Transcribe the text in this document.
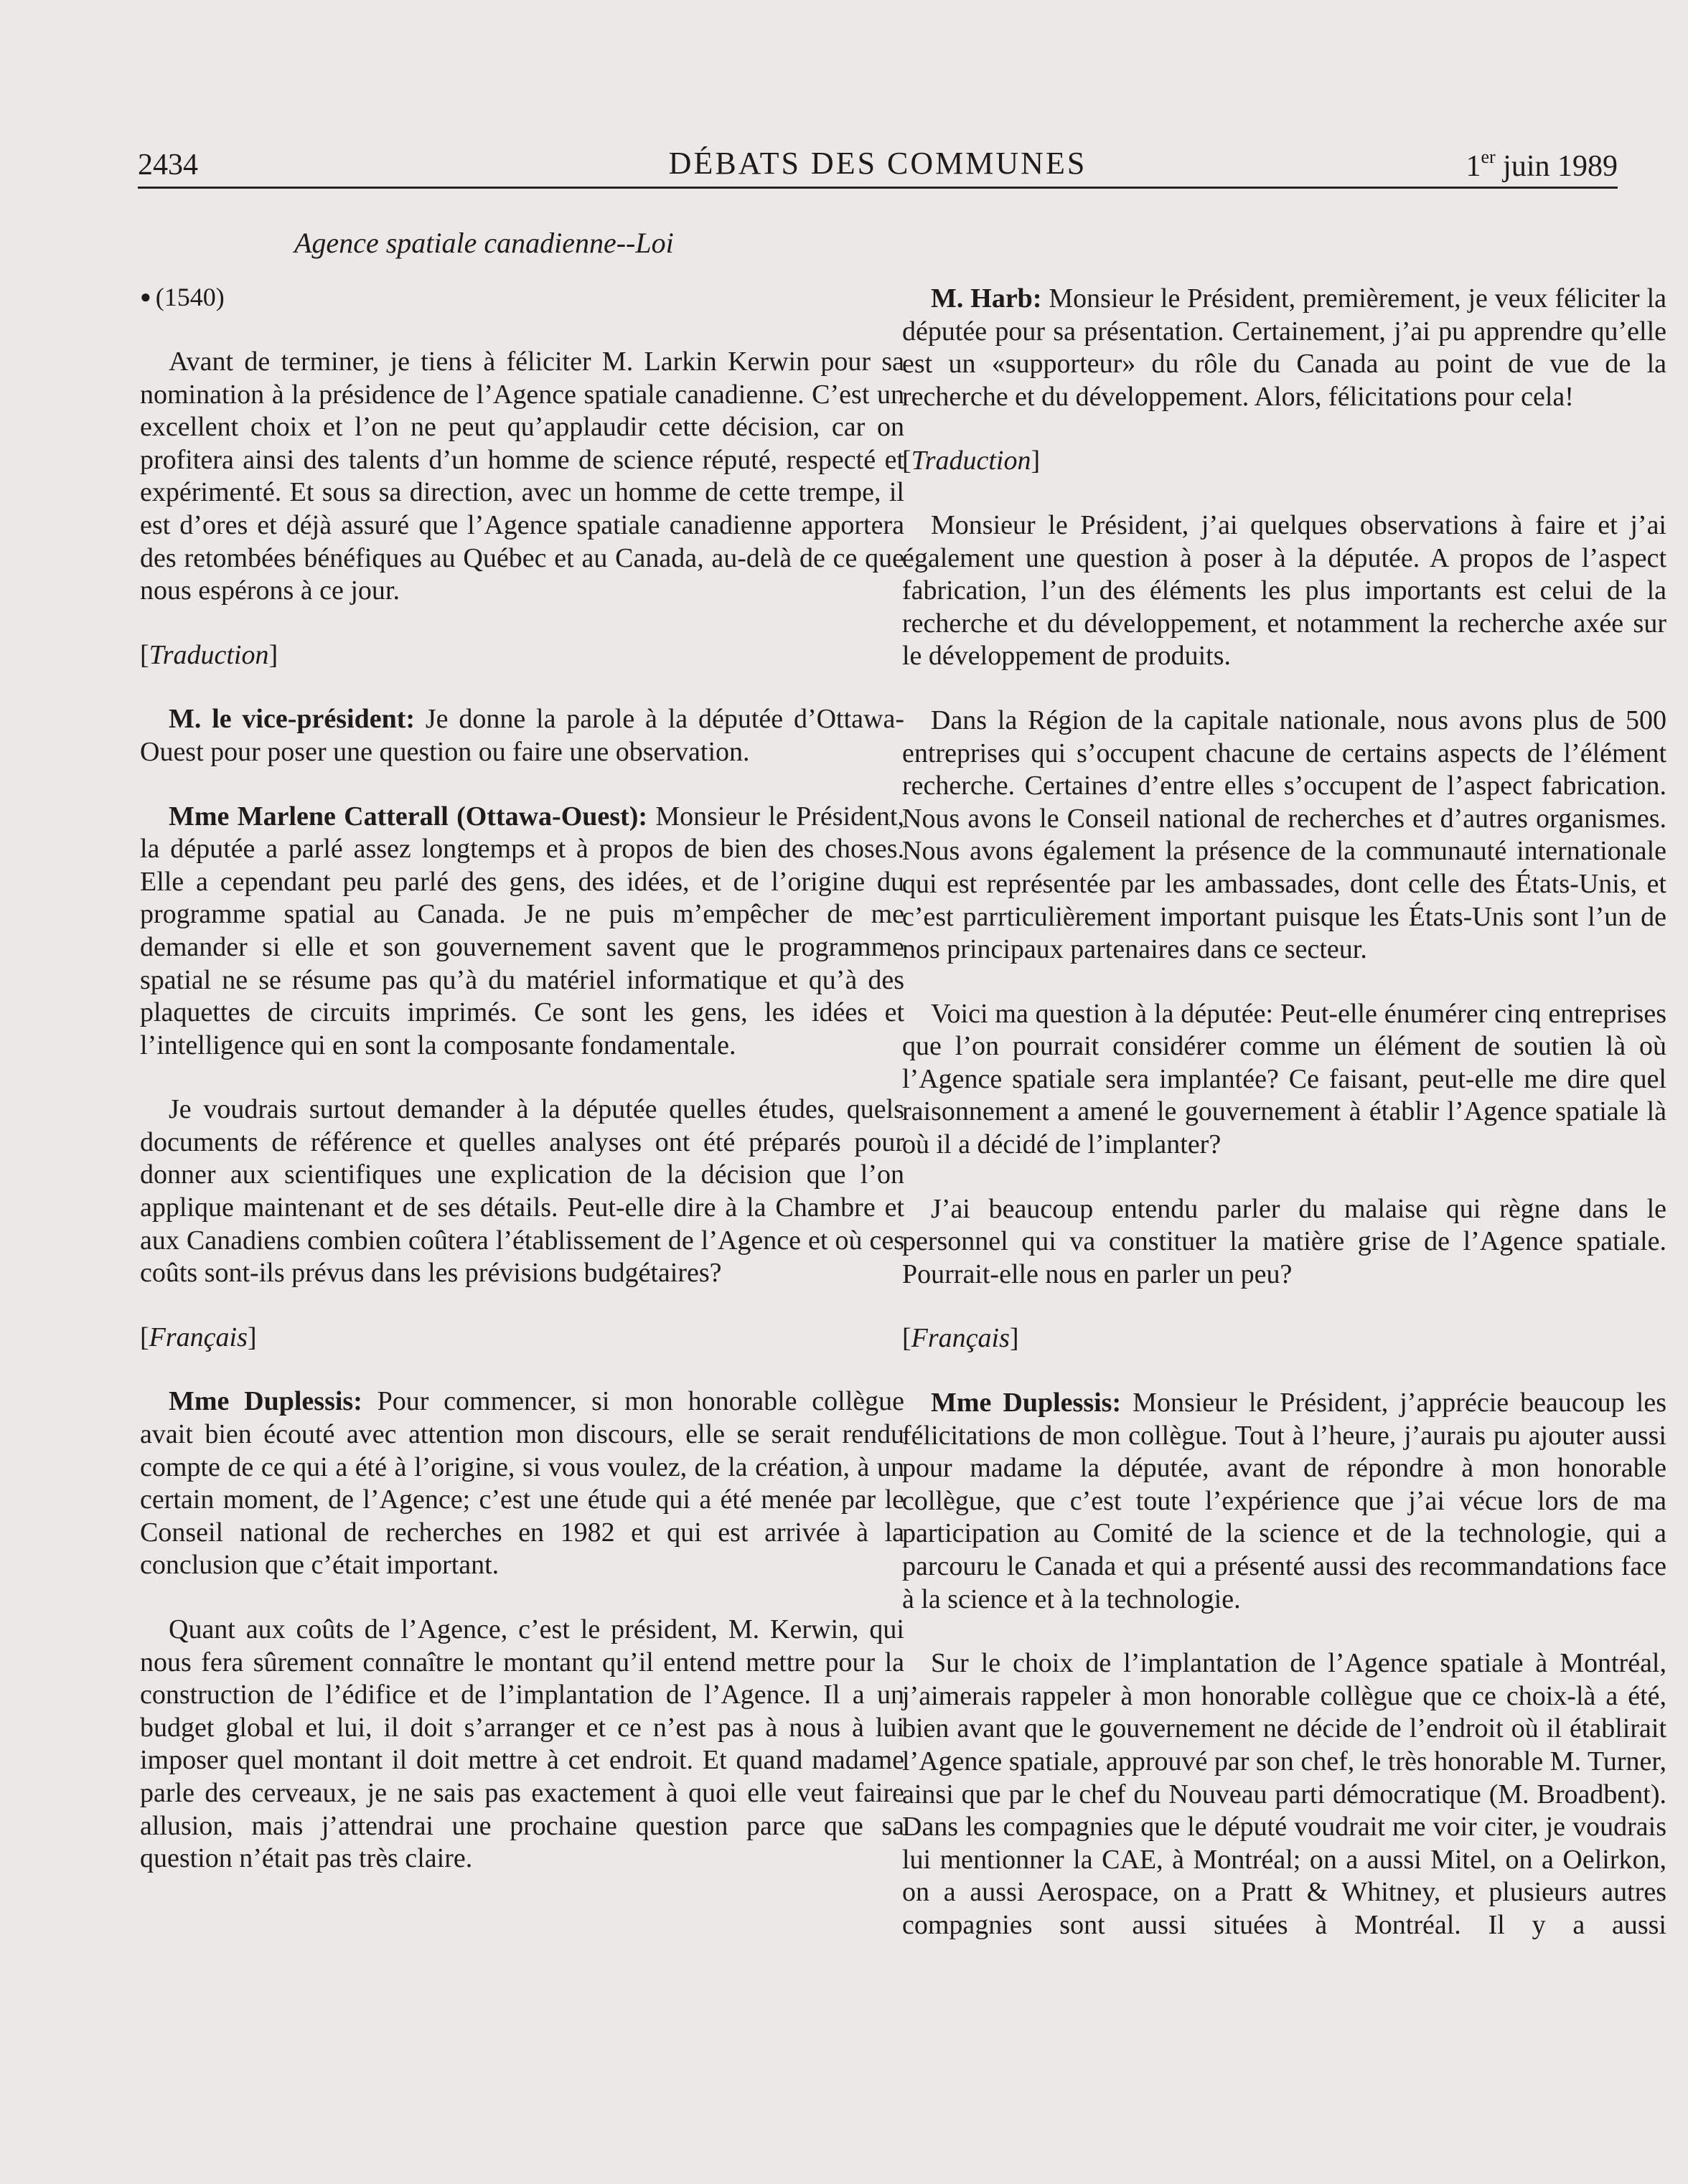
2434	DÉBATS DES COMMUNES	1er juin 1989
Agence spatiale canadienne--Loi
● (1540)

Avant de terminer, je tiens à féliciter M. Larkin Kerwin pour sa nomination à la présidence de l’Agence spatiale canadienne. C’est un excellent choix et l’on ne peut qu’applaudir cette décision, car on profitera ainsi des talents d’un homme de science réputé, respecté et expérimenté. Et sous sa direction, avec un homme de cette trempe, il est d’ores et déjà assuré que l’Agence spatiale canadienne apportera des retombées bénéfiques au Québec et au Canada, au-delà de ce que nous espérons à ce jour.

[Traduction]

M. le vice-président: Je donne la parole à la députée d’Ottawa-Ouest pour poser une question ou faire une observation.

Mme Marlene Catterall (Ottawa-Ouest): Monsieur le Président, la députée a parlé assez longtemps et à propos de bien des choses. Elle a cependant peu parlé des gens, des idées, et de l’origine du programme spatial au Canada. Je ne puis m’empêcher de me demander si elle et son gouvernement savent que le programme spatial ne se résume pas qu’à du matériel informatique et qu’à des plaquettes de circuits imprimés. Ce sont les gens, les idées et l’intelligence qui en sont la composante fondamentale.

Je voudrais surtout demander à la députée quelles études, quels documents de référence et quelles analyses ont été préparés pour donner aux scientifiques une explication de la décision que l’on applique maintenant et de ses détails. Peut-elle dire à la Chambre et aux Canadiens combien coûtera l’établissement de l’Agence et où ces coûts sont-ils prévus dans les prévisions budgétaires?

[Français]

Mme Duplessis: Pour commencer, si mon honorable collègue avait bien écouté avec attention mon discours, elle se serait rendu compte de ce qui a été à l’origine, si vous voulez, de la création, à un certain moment, de l’Agence; c’est une étude qui a été menée par le Conseil national de recherches en 1982 et qui est arrivée à la conclusion que c’était important.

Quant aux coûts de l’Agence, c’est le président, M. Kerwin, qui nous fera sûrement connaître le montant qu’il entend mettre pour la construction de l’édifice et de l’implantation de l’Agence. Il a un budget global et lui, il doit s’arranger et ce n’est pas à nous à lui imposer quel montant il doit mettre à cet endroit. Et quand madame parle des cerveaux, je ne sais pas exactement à quoi elle veut faire allusion, mais j’attendrai une prochaine question parce que sa question n’était pas très claire.

M. Harb: Monsieur le Président, premièrement, je veux féliciter la députée pour sa présentation. Certainement, j’ai pu apprendre qu’elle est un «supporteur» du rôle du Canada au point de vue de la recherche et du développement. Alors, félicitations pour cela!

[Traduction]

Monsieur le Président, j’ai quelques observations à faire et j’ai également une question à poser à la députée. A propos de l’aspect fabrication, l’un des éléments les plus importants est celui de la recherche et du développement, et notamment la recherche axée sur le développement de produits.

Dans la Région de la capitale nationale, nous avons plus de 500 entreprises qui s’occupent chacune de certains aspects de l’élément recherche. Certaines d’entre elles s’occupent de l’aspect fabrication. Nous avons le Conseil national de recherches et d’autres organismes. Nous avons également la présence de la communauté internationale qui est représentée par les ambassades, dont celle des États-Unis, et c’est parrticulièrement important puisque les États-Unis sont l’un de nos principaux partenaires dans ce secteur.

Voici ma question à la députée: Peut-elle énumérer cinq entreprises que l’on pourrait considérer comme un élément de soutien là où l’Agence spatiale sera implantée? Ce faisant, peut-elle me dire quel raisonnement a amené le gouvernement à établir l’Agence spatiale là où il a décidé de l’implanter?

J’ai beaucoup entendu parler du malaise qui règne dans le personnel qui va constituer la matière grise de l’Agence spatiale. Pourrait-elle nous en parler un peu?

[Français]

Mme Duplessis: Monsieur le Président, j’apprécie beaucoup les félicitations de mon collègue. Tout à l’heure, j’aurais pu ajouter aussi pour madame la députée, avant de répondre à mon honorable collègue, que c’est toute l’expérience que j’ai vécue lors de ma participation au Comité de la science et de la technologie, qui a parcouru le Canada et qui a présenté aussi des recommandations face à la science et à la technologie.

Sur le choix de l’implantation de l’Agence spatiale à Montréal, j’aimerais rappeler à mon honorable collègue que ce choix-là a été, bien avant que le gouvernement ne décide de l’endroit où il établirait l’Agence spatiale, approuvé par son chef, le très honorable M. Turner, ainsi que par le chef du Nouveau parti démocratique (M. Broadbent). Dans les compagnies que le député voudrait me voir citer, je voudrais lui mentionner la CAE, à Montréal; on a aussi Mitel, on a Oelirkon, on a aussi Aerospace, on a Pratt & Whitney, et plusieurs autres compagnies sont aussi situées à Montréal. Il y a aussi
